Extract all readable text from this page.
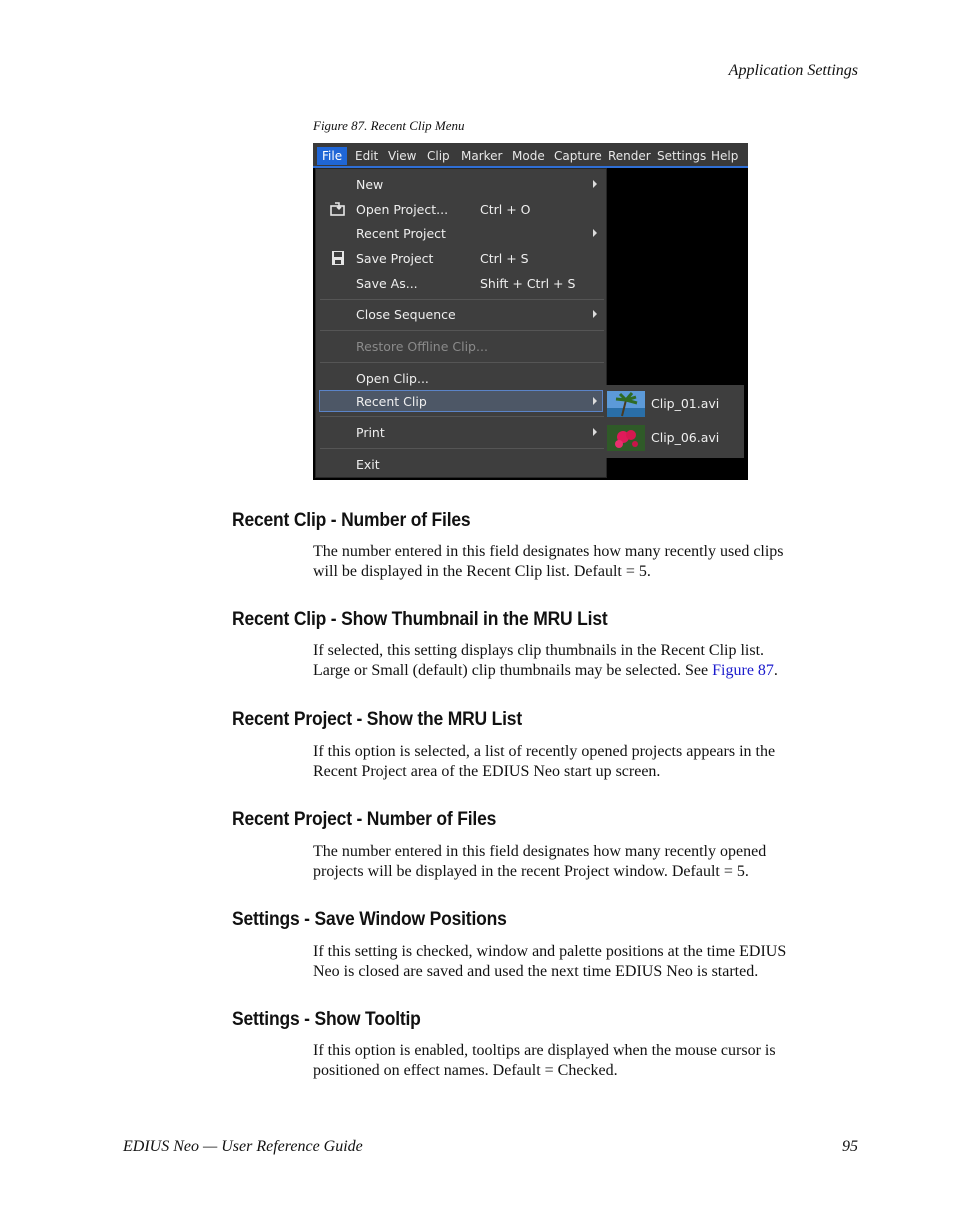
Application Settings
Figure 87. Recent Clip Menu
File	Edit View Clip Marker Mode Capture Render Settings Help
New
Open Project...	Ctrl + O
Recent Project
Save Project	Ctrl + S
Save As...	Shift + Ctrl + S
Close Sequence
Restore Offline Clip...
Open Clip...
Recent Clip
Print
Exit
Clip_01.avi
Clip_06.avi
Recent Clip - Number of Files

The number entered in this field designates how many recently used clips
will be displayed in the Recent Clip list. Default = 5.

Recent Clip - Show Thumbnail in the MRU List

If selected, this setting displays clip thumbnails in the Recent Clip list.
Large or Small (default) clip thumbnails may be selected. See Figure 87.

Recent Project - Show the MRU List

If this option is selected, a list of recently opened projects appears in the
Recent Project area of the EDIUS Neo start up screen.

Recent Project - Number of Files

The number entered in this field designates how many recently opened
projects will be displayed in the recent Project window. Default = 5.

Settings - Save Window Positions

If this setting is checked, window and palette positions at the time EDIUS
Neo is closed are saved and used the next time EDIUS Neo is started.

Settings - Show Tooltip

If this option is enabled, tooltips are displayed when the mouse cursor is
positioned on effect names. Default = Checked.

EDIUS Neo — User Reference Guide	95
